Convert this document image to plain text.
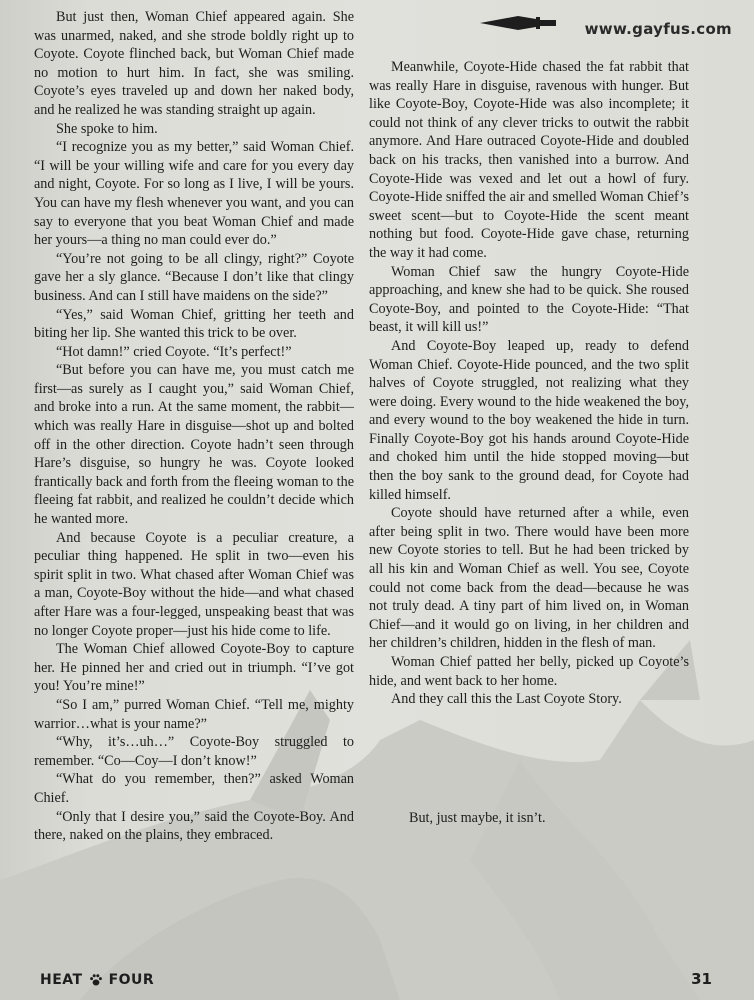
www.gayfus.com

But just then, Woman Chief appeared again. She was unarmed, naked, and she strode boldly right up to Coyote. Coyote flinched back, but Woman Chief made no motion to hurt him. In fact, she was smiling. Coyote’s eyes traveled up and down her naked body, and he realized he was standing straight up again.

She spoke to him.

“I recognize you as my better,” said Woman Chief. “I will be your willing wife and care for you every day and night, Coyote. For so long as I live, I will be yours. You can have my flesh whenever you want, and you can say to everyone that you beat Woman Chief and made her yours—a thing no man could ever do.”

“You’re not going to be all clingy, right?” Coyote gave her a sly glance. “Because I don’t like that clingy business. And can I still have maidens on the side?”

“Yes,” said Woman Chief, gritting her teeth and biting her lip. She wanted this trick to be over.

“Hot damn!” cried Coyote. “It’s perfect!”

“But before you can have me, you must catch me first—as surely as I caught you,” said Woman Chief, and broke into a run. At the same moment, the rabbit—which was really Hare in disguise—shot up and bolted off in the other direction. Coyote hadn’t seen through Hare’s disguise, so hungry he was. Coyote looked frantically back and forth from the fleeing woman to the fleeing fat rabbit, and realized he couldn’t decide which he wanted more.

And because Coyote is a peculiar creature, a peculiar thing happened. He split in two—even his spirit split in two. What chased after Woman Chief was a man, Coyote-Boy without the hide—and what chased after Hare was a four-legged, unspeaking beast that was no longer Coyote proper—just his hide come to life.

The Woman Chief allowed Coyote-Boy to capture her. He pinned her and cried out in triumph. “I’ve got you! You’re mine!”

“So I am,” purred Woman Chief. “Tell me, mighty warrior…what is your name?”

“Why, it’s…uh…” Coyote-Boy struggled to remember. “Co—Coy—I don’t know!”

“What do you remember, then?” asked Woman Chief.

“Only that I desire you,” said the Coyote-Boy. And there, naked on the plains, they embraced.

Meanwhile, Coyote-Hide chased the fat rabbit that was really Hare in disguise, ravenous with hunger. But like Coyote-Boy, Coyote-Hide was also incomplete; it could not think of any clever tricks to outwit the rabbit anymore. And Hare outraced Coyote-Hide and doubled back on his tracks, then vanished into a burrow. And Coyote-Hide was vexed and let out a howl of fury. Coyote-Hide sniffed the air and smelled Woman Chief’s sweet scent—but to Coyote-Hide the scent meant nothing but food. Coyote-Hide gave chase, returning the way it had come.

Woman Chief saw the hungry Coyote-Hide approaching, and knew she had to be quick. She roused Coyote-Boy, and pointed to the Coyote-Hide: “That beast, it will kill us!”

And Coyote-Boy leaped up, ready to defend Woman Chief. Coyote-Hide pounced, and the two split halves of Coyote struggled, not realizing what they were doing. Every wound to the hide weakened the boy, and every wound to the boy weakened the hide in turn. Finally Coyote-Boy got his hands around Coyote-Hide and choked him until the hide stopped moving—but then the boy sank to the ground dead, for Coyote had killed himself.

Coyote should have returned after a while, even after being split in two. There would have been more new Coyote stories to tell. But he had been tricked by all his kin and Woman Chief as well. You see, Coyote could not come back from the dead—because he was not truly dead. A tiny part of him lived on, in Woman Chief—and it would go on living, in her children and her children’s children, hidden in the flesh of man.

Woman Chief patted her belly, picked up Coyote’s hide, and went back to her home.

And they call this the Last Coyote Story.

But, just maybe, it isn’t.
HEAT FOUR	31
